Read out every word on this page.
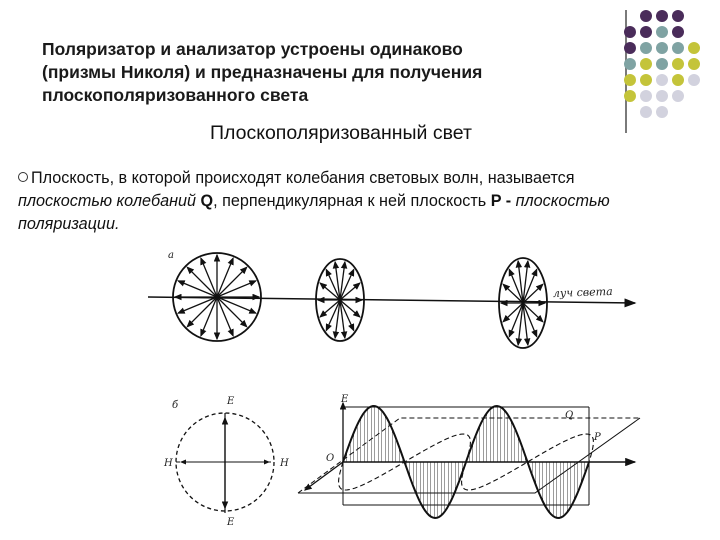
Поляризатор и анализатор устроены одинаково
(призмы Николя) и предназначены для получения
плоскополяризованного света
Плоскополяризованный свет
Плоскость, в которой происходят колебания световых волн, называется плоскостью колебаний Q, перпендикулярная к ней плоскость P - плоскостью поляризации.
а
луч света
б	E
E
H	H
E
Q
P
O
